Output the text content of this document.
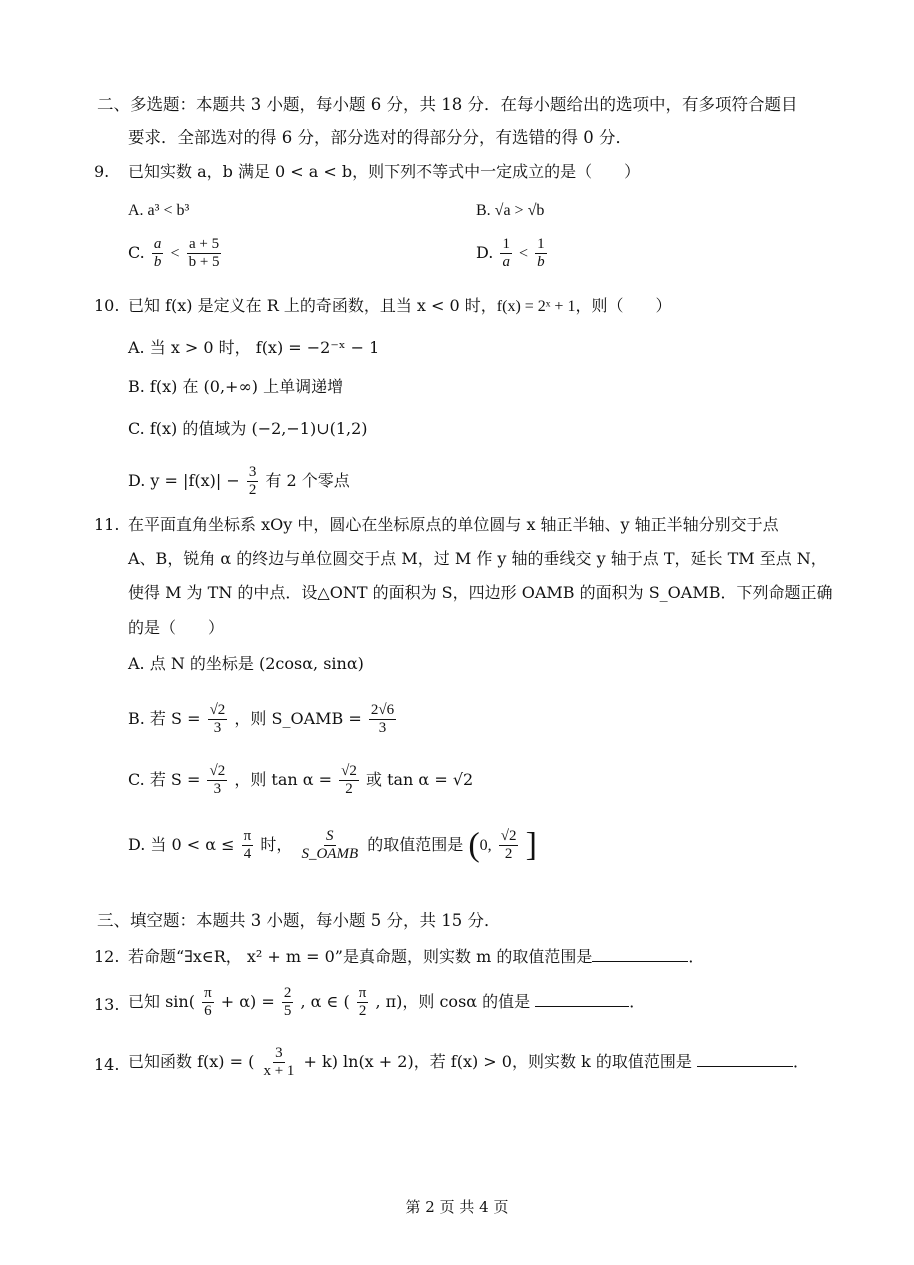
二、多选题：本题共 3 小题，每小题 6 分，共 18 分．在每小题给出的选项中，有多项符合题目
要求．全部选对的得 6 分，部分选对的得部分分，有选错的得 0 分．
9. 已知实数 a，b 满足 0 < a < b，则下列不等式中一定成立的是（　　）
A. a³ < b³	B. √a > √b
C. $\frac{a}{b} < \frac{a + 5}{b + 5}$	D. $\frac{1}{a} < \frac{1}{b}$
10. 已知 f(x) 是定义在 R 上的奇函数，且当 x < 0 时，f(x) = 2ˣ + 1，则（　　）
A. 当 x > 0 时， f(x) = −2⁻ˣ − 1
B. f(x) 在 (0,+∞) 上单调递增
C. f(x) 的值域为 (−2,−1)∪(1,2)
D. $y = |f(x)| - \frac{3}{2}$ 有 2 个零点
11. 在平面直角坐标系 xOy 中，圆心在坐标原点的单位圆与 x 轴正半轴、y 轴正半轴分别交于点
A、B，锐角 α 的终边与单位圆交于点 M，过 M 作 y 轴的垂线交 y 轴于点 T，延长 TM 至点 N，
使得 M 为 TN 的中点．设△ONT 的面积为 S，四边形 OAMB 的面积为 S_OAMB．下列命题正确
的是（　　）
A. 点 N 的坐标是 (2cosα, sinα)
B. 若 $S = \frac{√2}{3}$ ，则 S_OAMB = $\frac{2√6}{3}$
C. 若 $S = \frac{√2}{3}$ ，则 $\tan \alpha = \frac{√2}{2}$ 或 tan α = √2
D. 当 $0 < \alpha \le \frac{\pi}{4}$ 时， $\frac{S}{\text{S\_OAMB}}$ 的取值范围是 (0, $\frac{√2}{2}$ ]
三、填空题：本题共 3 小题，每小题 5 分，共 15 分．
12. 若命题“∃x∈R， x² + m = 0”是真命题，则实数 m 的取值范围是	．
13. 已知 $\sin( \frac{\pi}{6} + \alpha) = \frac{2}{5}$ , α ∈ ( $\frac{\pi}{2}$ , π)，则 cosα 的值是	．
14. 已知函数 f(x) = ( $\frac{3}{x + 1} + k$) ln(x + 2)，若 f(x) > 0，则实数 k 的取值范围是	．
第 2 页 共 4 页
